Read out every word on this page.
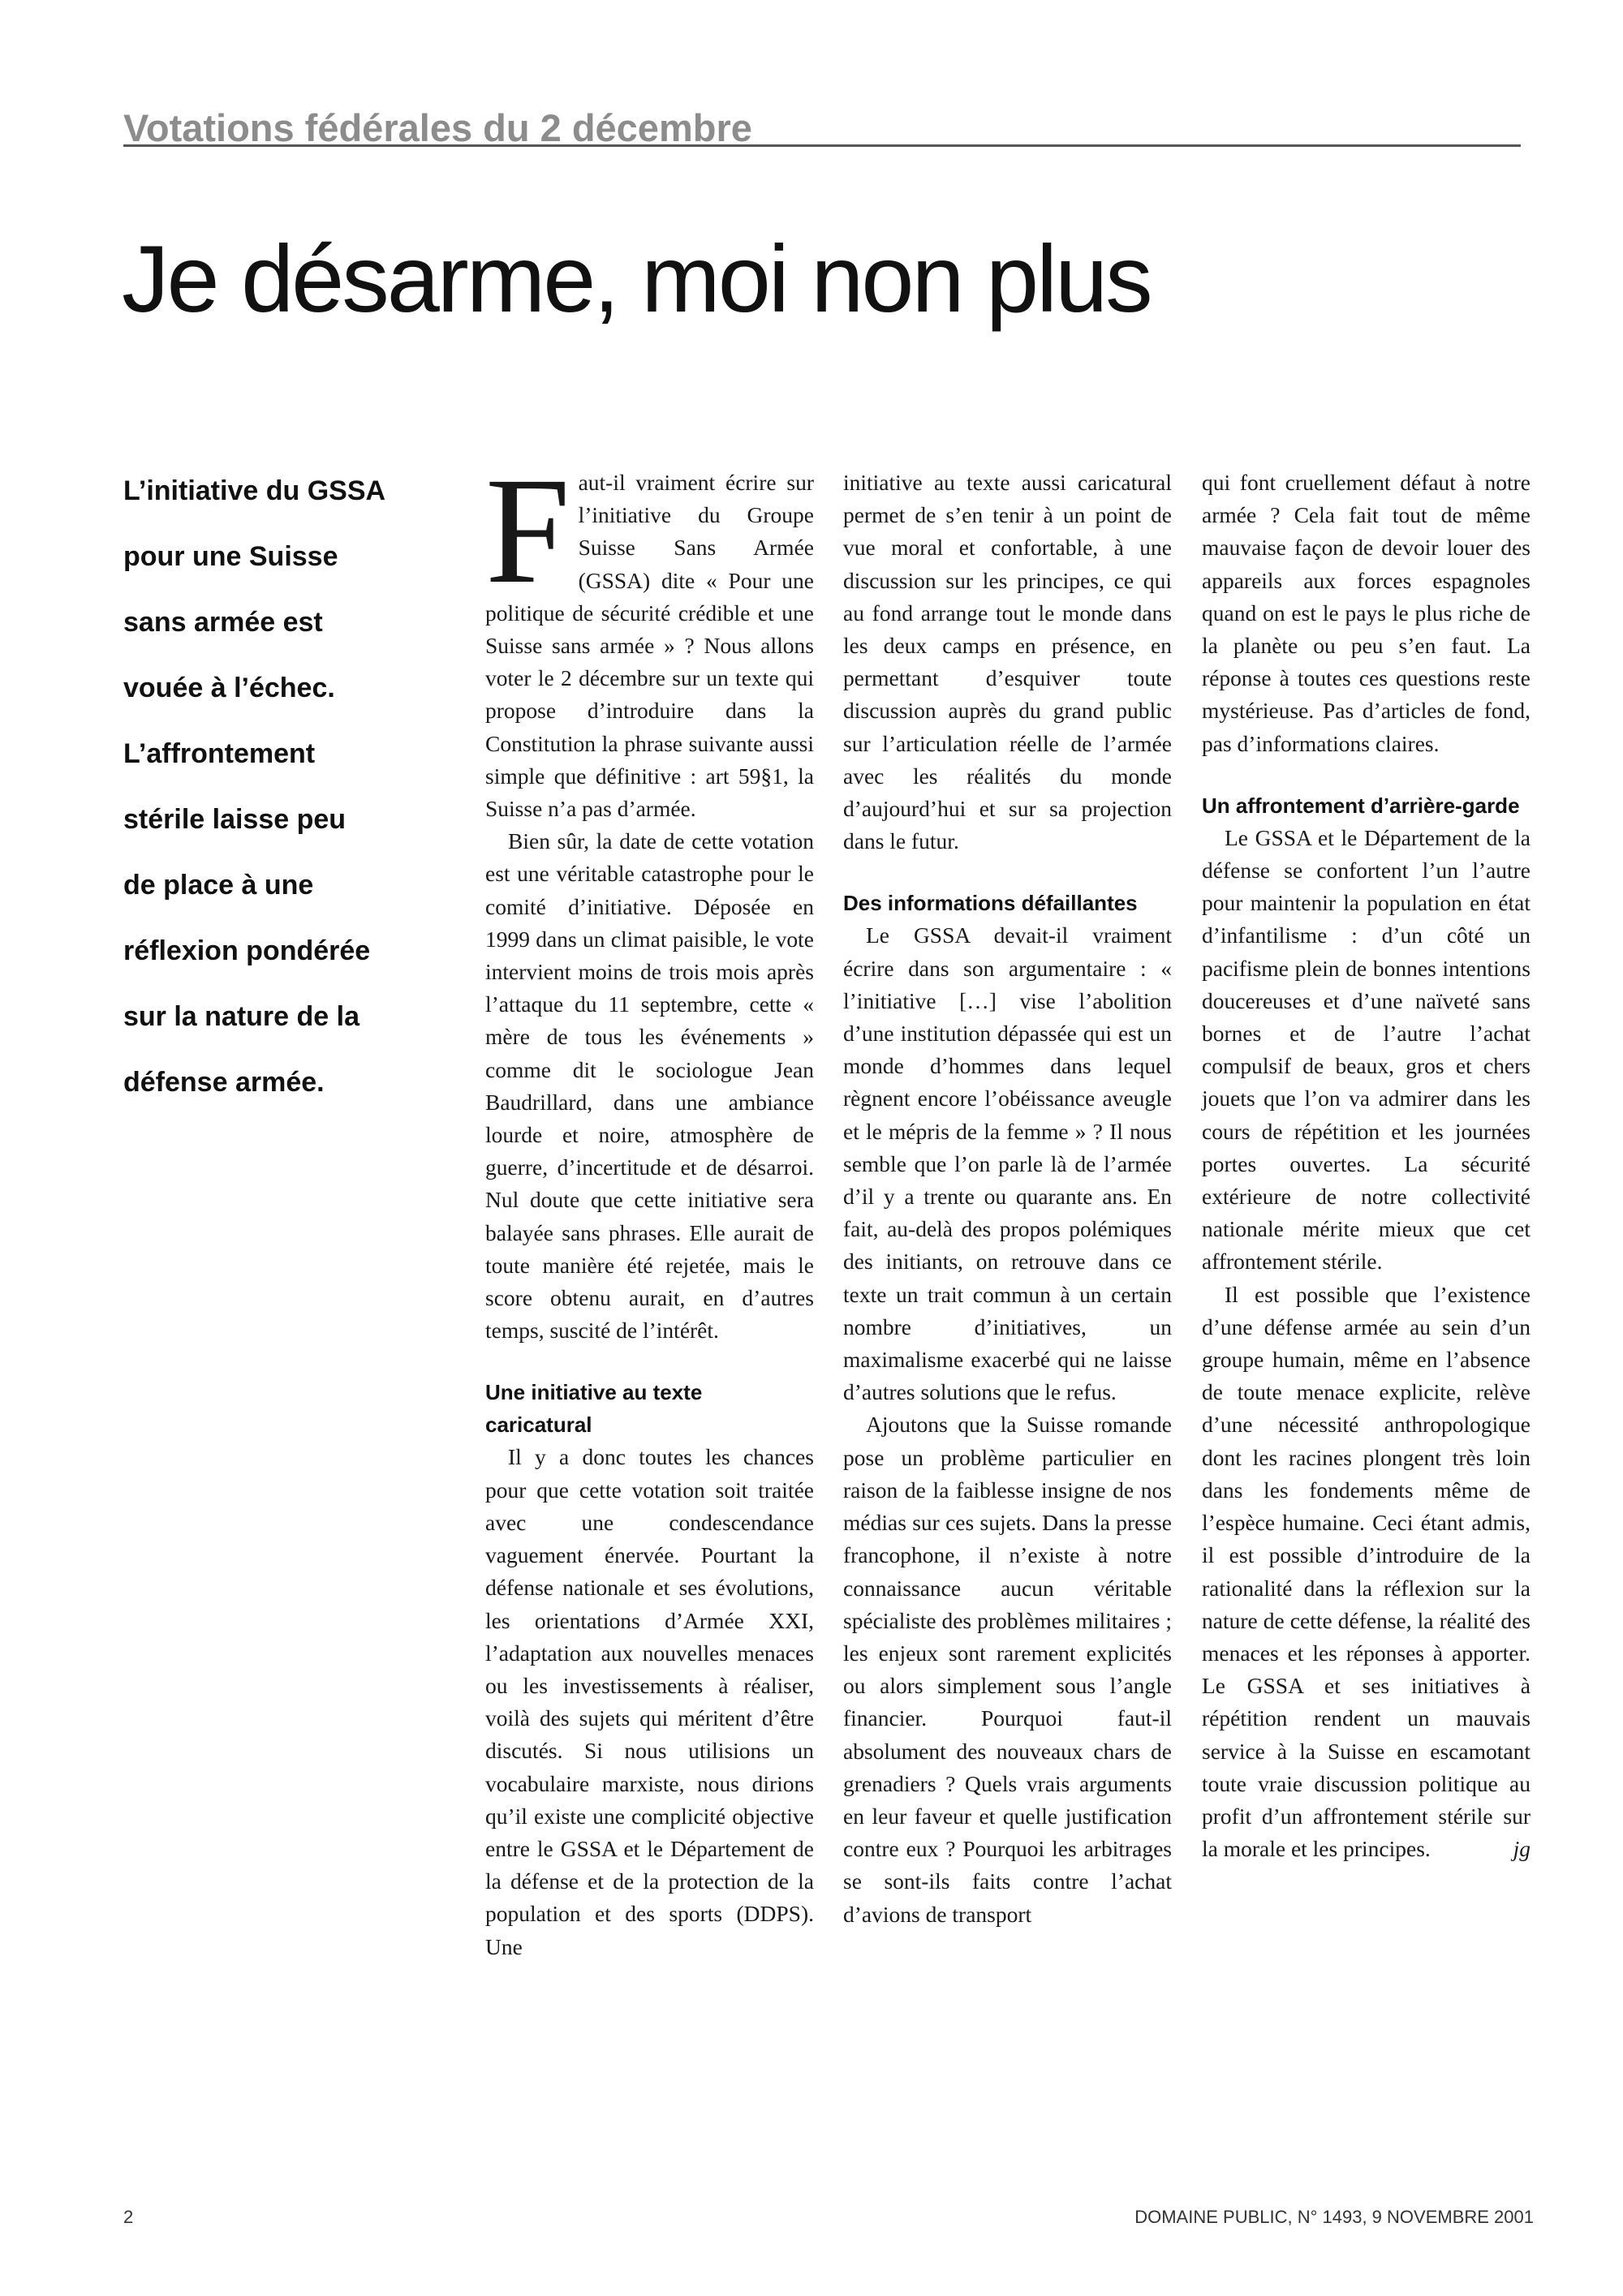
Votations fédérales du 2 décembre
Je désarme, moi non plus
L’initiative du GSSA
pour une Suisse
sans armée est
vouée à l’échec.
L’affrontement
stérile laisse peu
de place à une
réflexion pondérée
sur la nature de la
défense armée.

Faut-il vraiment écrire sur l’initiative du Groupe Suisse Sans Armée (GSSA) dite « Pour une politique de sécurité crédible et une Suisse sans armée » ? Nous allons voter le 2 décembre sur un texte qui propose d’introduire dans la Constitution la phrase suivante aussi simple que définitive : art 59§1, la Suisse n’a pas d’armée.

Bien sûr, la date de cette votation est une véritable catastrophe pour le comité d’initiative. Déposée en 1999 dans un climat paisible, le vote intervient moins de trois mois après l’attaque du 11 septembre, cette « mère de tous les événements » comme dit le sociologue Jean Baudrillard, dans une ambiance lourde et noire, atmosphère de guerre, d’incertitude et de désarroi. Nul doute que cette initiative sera balayée sans phrases. Elle aurait de toute manière été rejetée, mais le score obtenu aurait, en d’autres temps, suscité de l’intérêt.

Une initiative au texte caricatural

Il y a donc toutes les chances pour que cette votation soit traitée avec une condescendance vaguement énervée. Pourtant la défense nationale et ses évolutions, les orientations d’Armée XXI, l’adaptation aux nouvelles menaces ou les investissements à réaliser, voilà des sujets qui méritent d’être discutés. Si nous utilisions un vocabulaire marxiste, nous dirions qu’il existe une complicité objective entre le GSSA et le Département de la défense et de la protection de la population et des sports (DDPS). Une

initiative au texte aussi caricatural permet de s’en tenir à un point de vue moral et confortable, à une discussion sur les principes, ce qui au fond arrange tout le monde dans les deux camps en présence, en permettant d’esquiver toute discussion auprès du grand public sur l’articulation réelle de l’armée avec les réalités du monde d’aujourd’hui et sur sa projection dans le futur.

Des informations défaillantes

Le GSSA devait-il vraiment écrire dans son argumentaire : « l’initiative […] vise l’abolition d’une institution dépassée qui est un monde d’hommes dans lequel règnent encore l’obéissance aveugle et le mépris de la femme » ? Il nous semble que l’on parle là de l’armée d’il y a trente ou quarante ans. En fait, au-delà des propos polémiques des initiants, on retrouve dans ce texte un trait commun à un certain nombre d’initiatives, un maximalisme exacerbé qui ne laisse d’autres solutions que le refus.

Ajoutons que la Suisse romande pose un problème particulier en raison de la faiblesse insigne de nos médias sur ces sujets. Dans la presse francophone, il n’existe à notre connaissance aucun véritable spécialiste des problèmes militaires ; les enjeux sont rarement explicités ou alors simplement sous l’angle financier. Pourquoi faut-il absolument des nouveaux chars de grenadiers ? Quels vrais arguments en leur faveur et quelle justification contre eux ? Pourquoi les arbitrages se sont-ils faits contre l’achat d’avions de transport

qui font cruellement défaut à notre armée ? Cela fait tout de même mauvaise façon de devoir louer des appareils aux forces espagnoles quand on est le pays le plus riche de la planète ou peu s’en faut. La réponse à toutes ces questions reste mystérieuse. Pas d’articles de fond, pas d’informations claires.

Un affrontement d’arrière-garde

Le GSSA et le Département de la défense se confortent l’un l’autre pour maintenir la population en état d’infantilisme : d’un côté un pacifisme plein de bonnes intentions doucereuses et d’une naïveté sans bornes et de l’autre l’achat compulsif de beaux, gros et chers jouets que l’on va admirer dans les cours de répétition et les journées portes ouvertes. La sécurité extérieure de notre collectivité nationale mérite mieux que cet affrontement stérile.

Il est possible que l’existence d’une défense armée au sein d’un groupe humain, même en l’absence de toute menace explicite, relève d’une nécessité anthropologique dont les racines plongent très loin dans les fondements même de l’espèce humaine. Ceci étant admis, il est possible d’introduire de la rationalité dans la réflexion sur la nature de cette défense, la réalité des menaces et les réponses à apporter. Le GSSA et ses initiatives à répétition rendent un mauvais service à la Suisse en escamotant toute vraie discussion politique au profit d’un affrontement stérile sur la morale et les principes.	jg

2	DOMAINE PUBLIC, N° 1493, 9 NOVEMBRE 2001
